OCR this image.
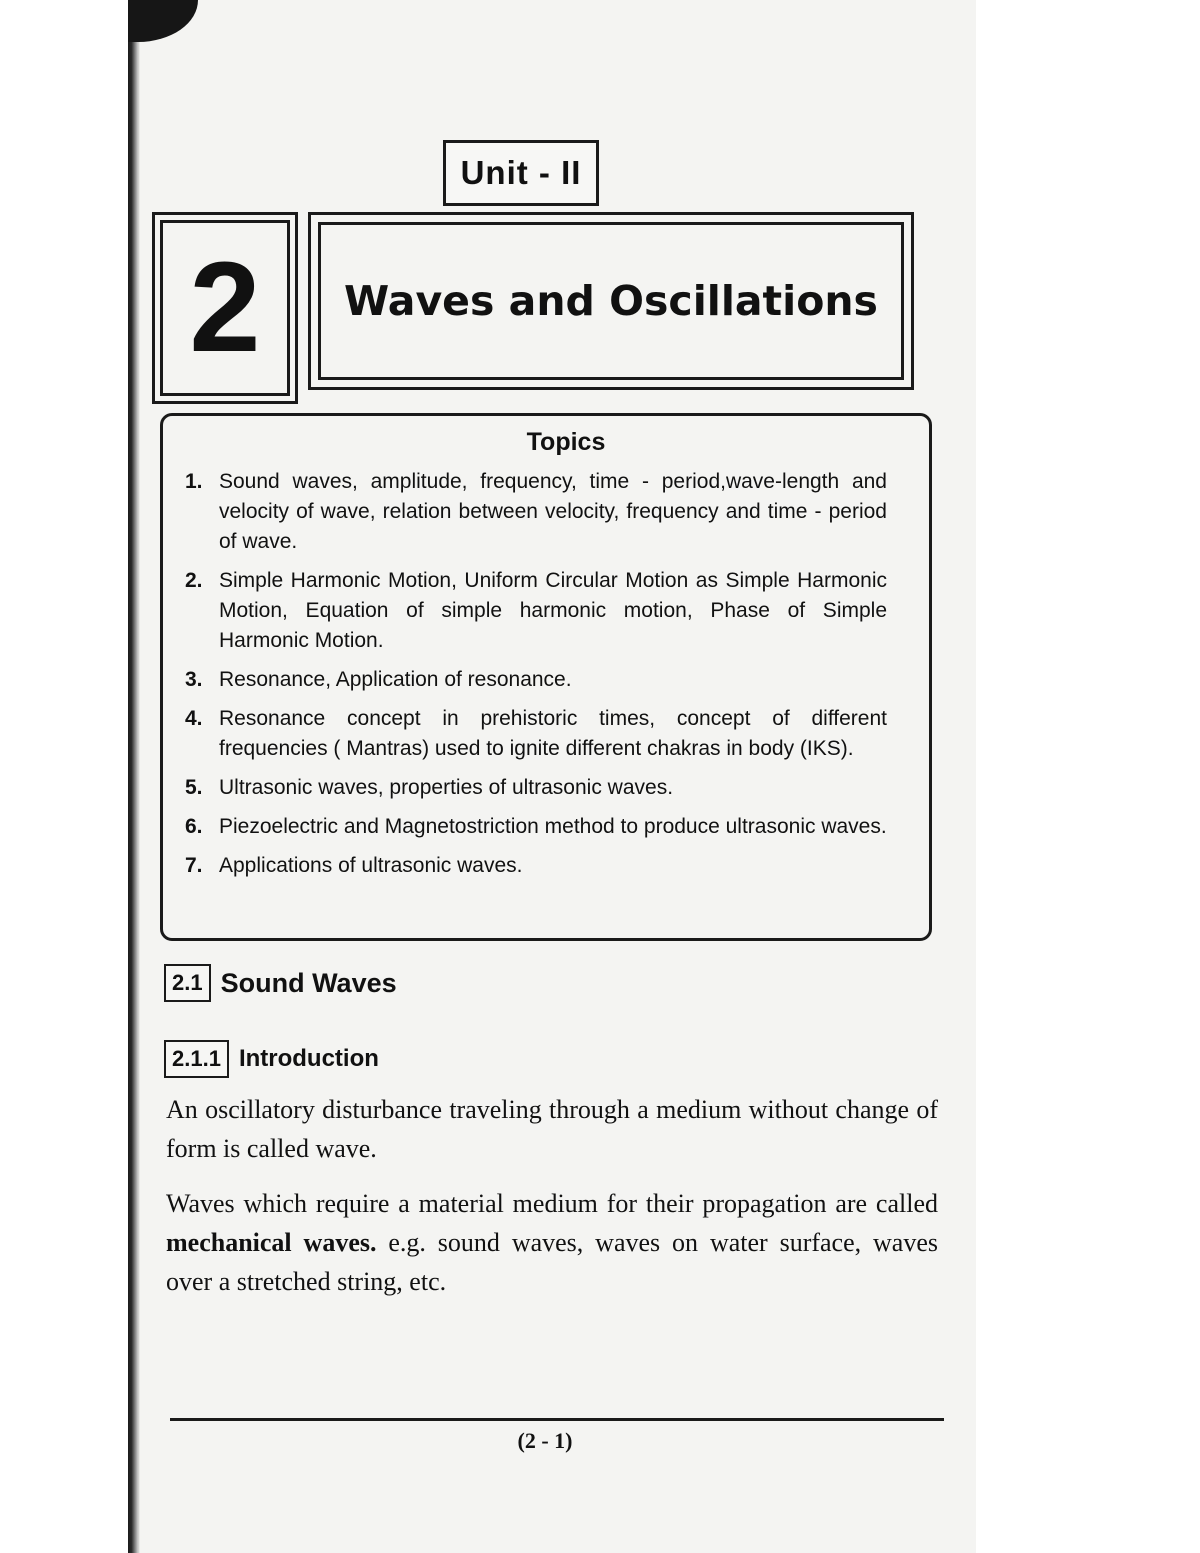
Unit - II
2	Waves and Oscillations
Topics
1. Sound waves, amplitude, frequency, time - period,wave-length and velocity of wave, relation between velocity, frequency and time - period of wave.
2. Simple Harmonic Motion, Uniform Circular Motion as Simple Harmonic Motion, Equation of simple harmonic motion, Phase of Simple Harmonic Motion.
3. Resonance, Application of resonance.
4. Resonance concept in prehistoric times, concept of different frequencies ( Mantras) used to ignite different chakras in body (IKS).
5. Ultrasonic waves, properties of ultrasonic waves.
6. Piezoelectric and Magnetostriction method to produce ultrasonic waves.
7. Applications of ultrasonic waves.
2.1 Sound Waves
2.1.1 Introduction

An oscillatory disturbance traveling through a medium without change of form is called wave.

Waves which require a material medium for their propagation are called mechanical waves. e.g. sound waves, waves on water surface, waves over a stretched string, etc.

(2 - 1)
